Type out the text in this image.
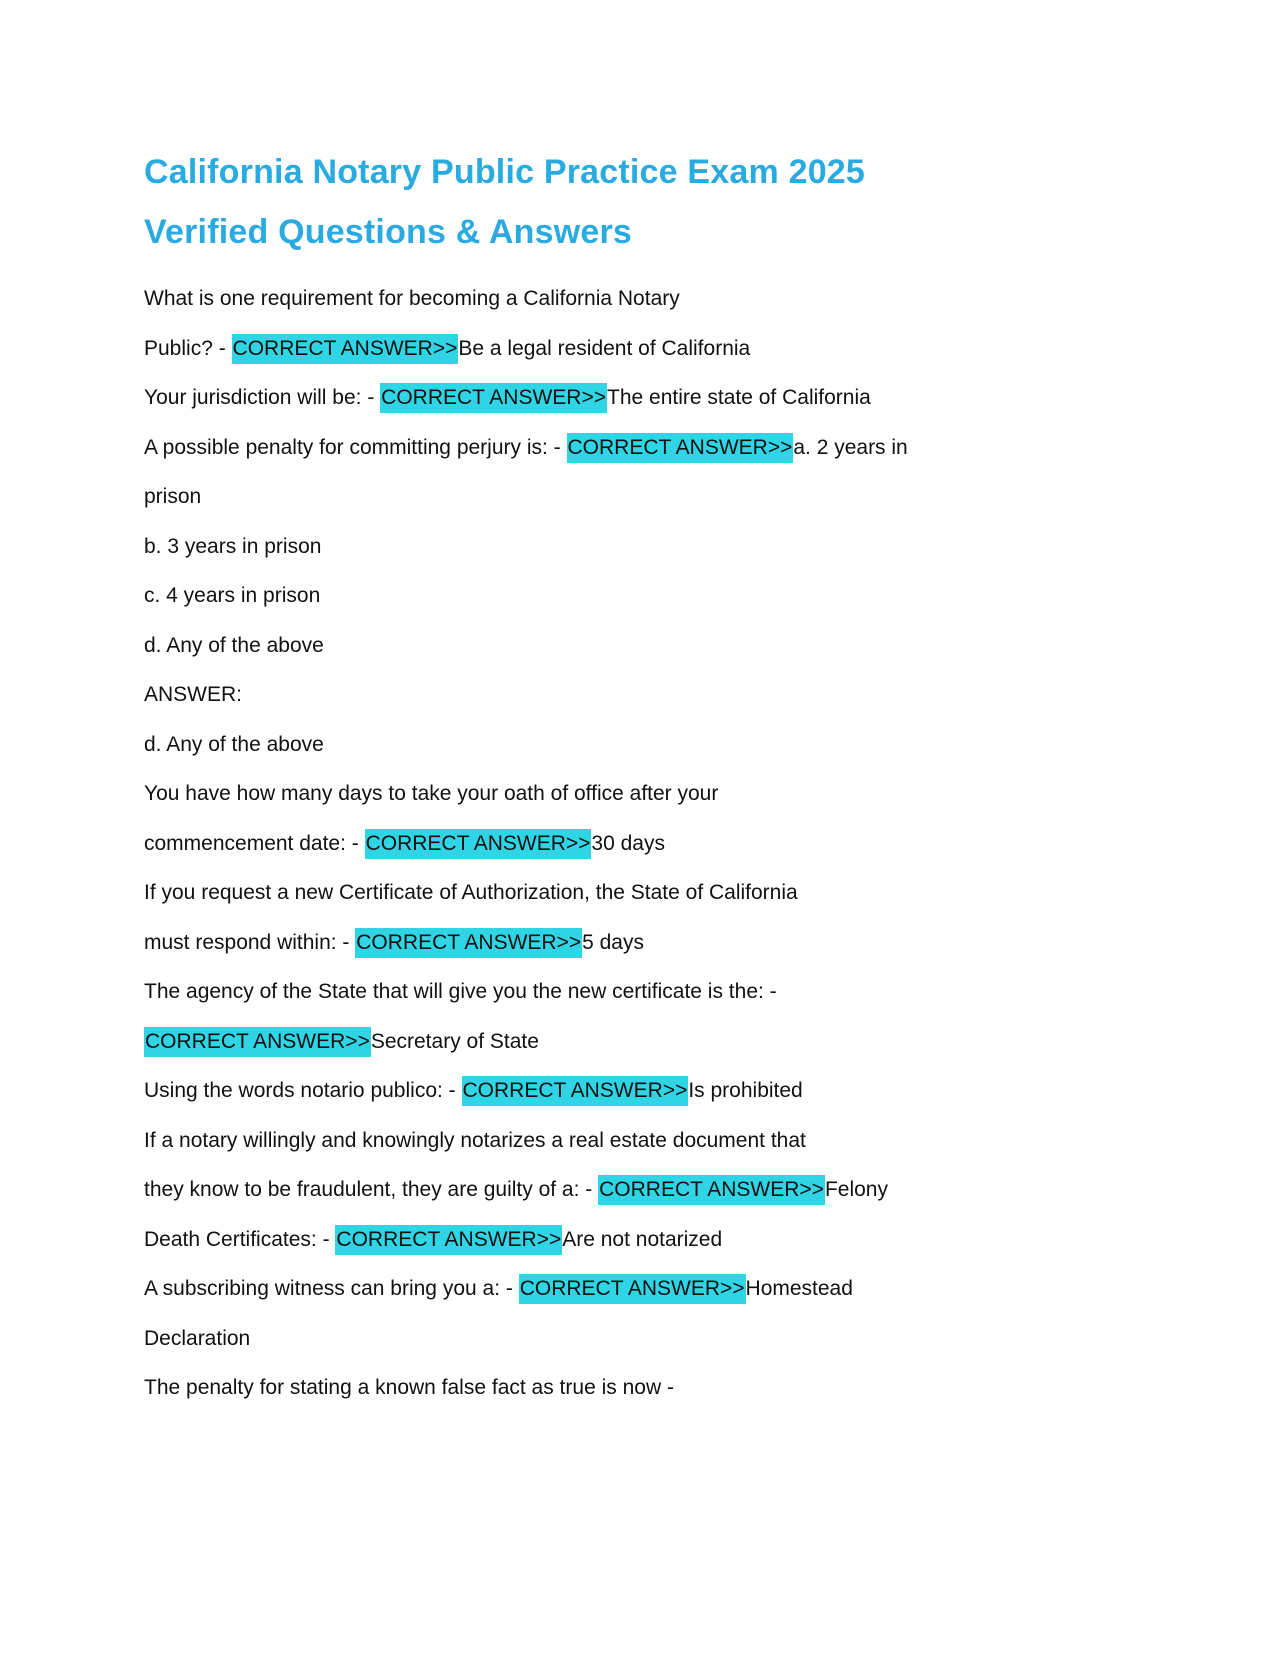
California Notary Public Practice Exam 2025
Verified Questions & Answers

What is one requirement for becoming a California Notary

Public? - CORRECT ANSWER>>Be a legal resident of California

Your jurisdiction will be: - CORRECT ANSWER>>The entire state of California

A possible penalty for committing perjury is: - CORRECT ANSWER>>a. 2 years in

prison

b. 3 years in prison

c. 4 years in prison

d. Any of the above

ANSWER:

d. Any of the above

You have how many days to take your oath of office after your

commencement date: - CORRECT ANSWER>>30 days

If you request a new Certificate of Authorization, the State of California

must respond within: - CORRECT ANSWER>>5 days

The agency of the State that will give you the new certificate is the: -

CORRECT ANSWER>>Secretary of State

Using the words notario publico: - CORRECT ANSWER>>Is prohibited

If a notary willingly and knowingly notarizes a real estate document that

they know to be fraudulent, they are guilty of a: - CORRECT ANSWER>>Felony

Death Certificates: - CORRECT ANSWER>>Are not notarized

A subscribing witness can bring you a: - CORRECT ANSWER>>Homestead

Declaration

The penalty for stating a known false fact as true is now -
